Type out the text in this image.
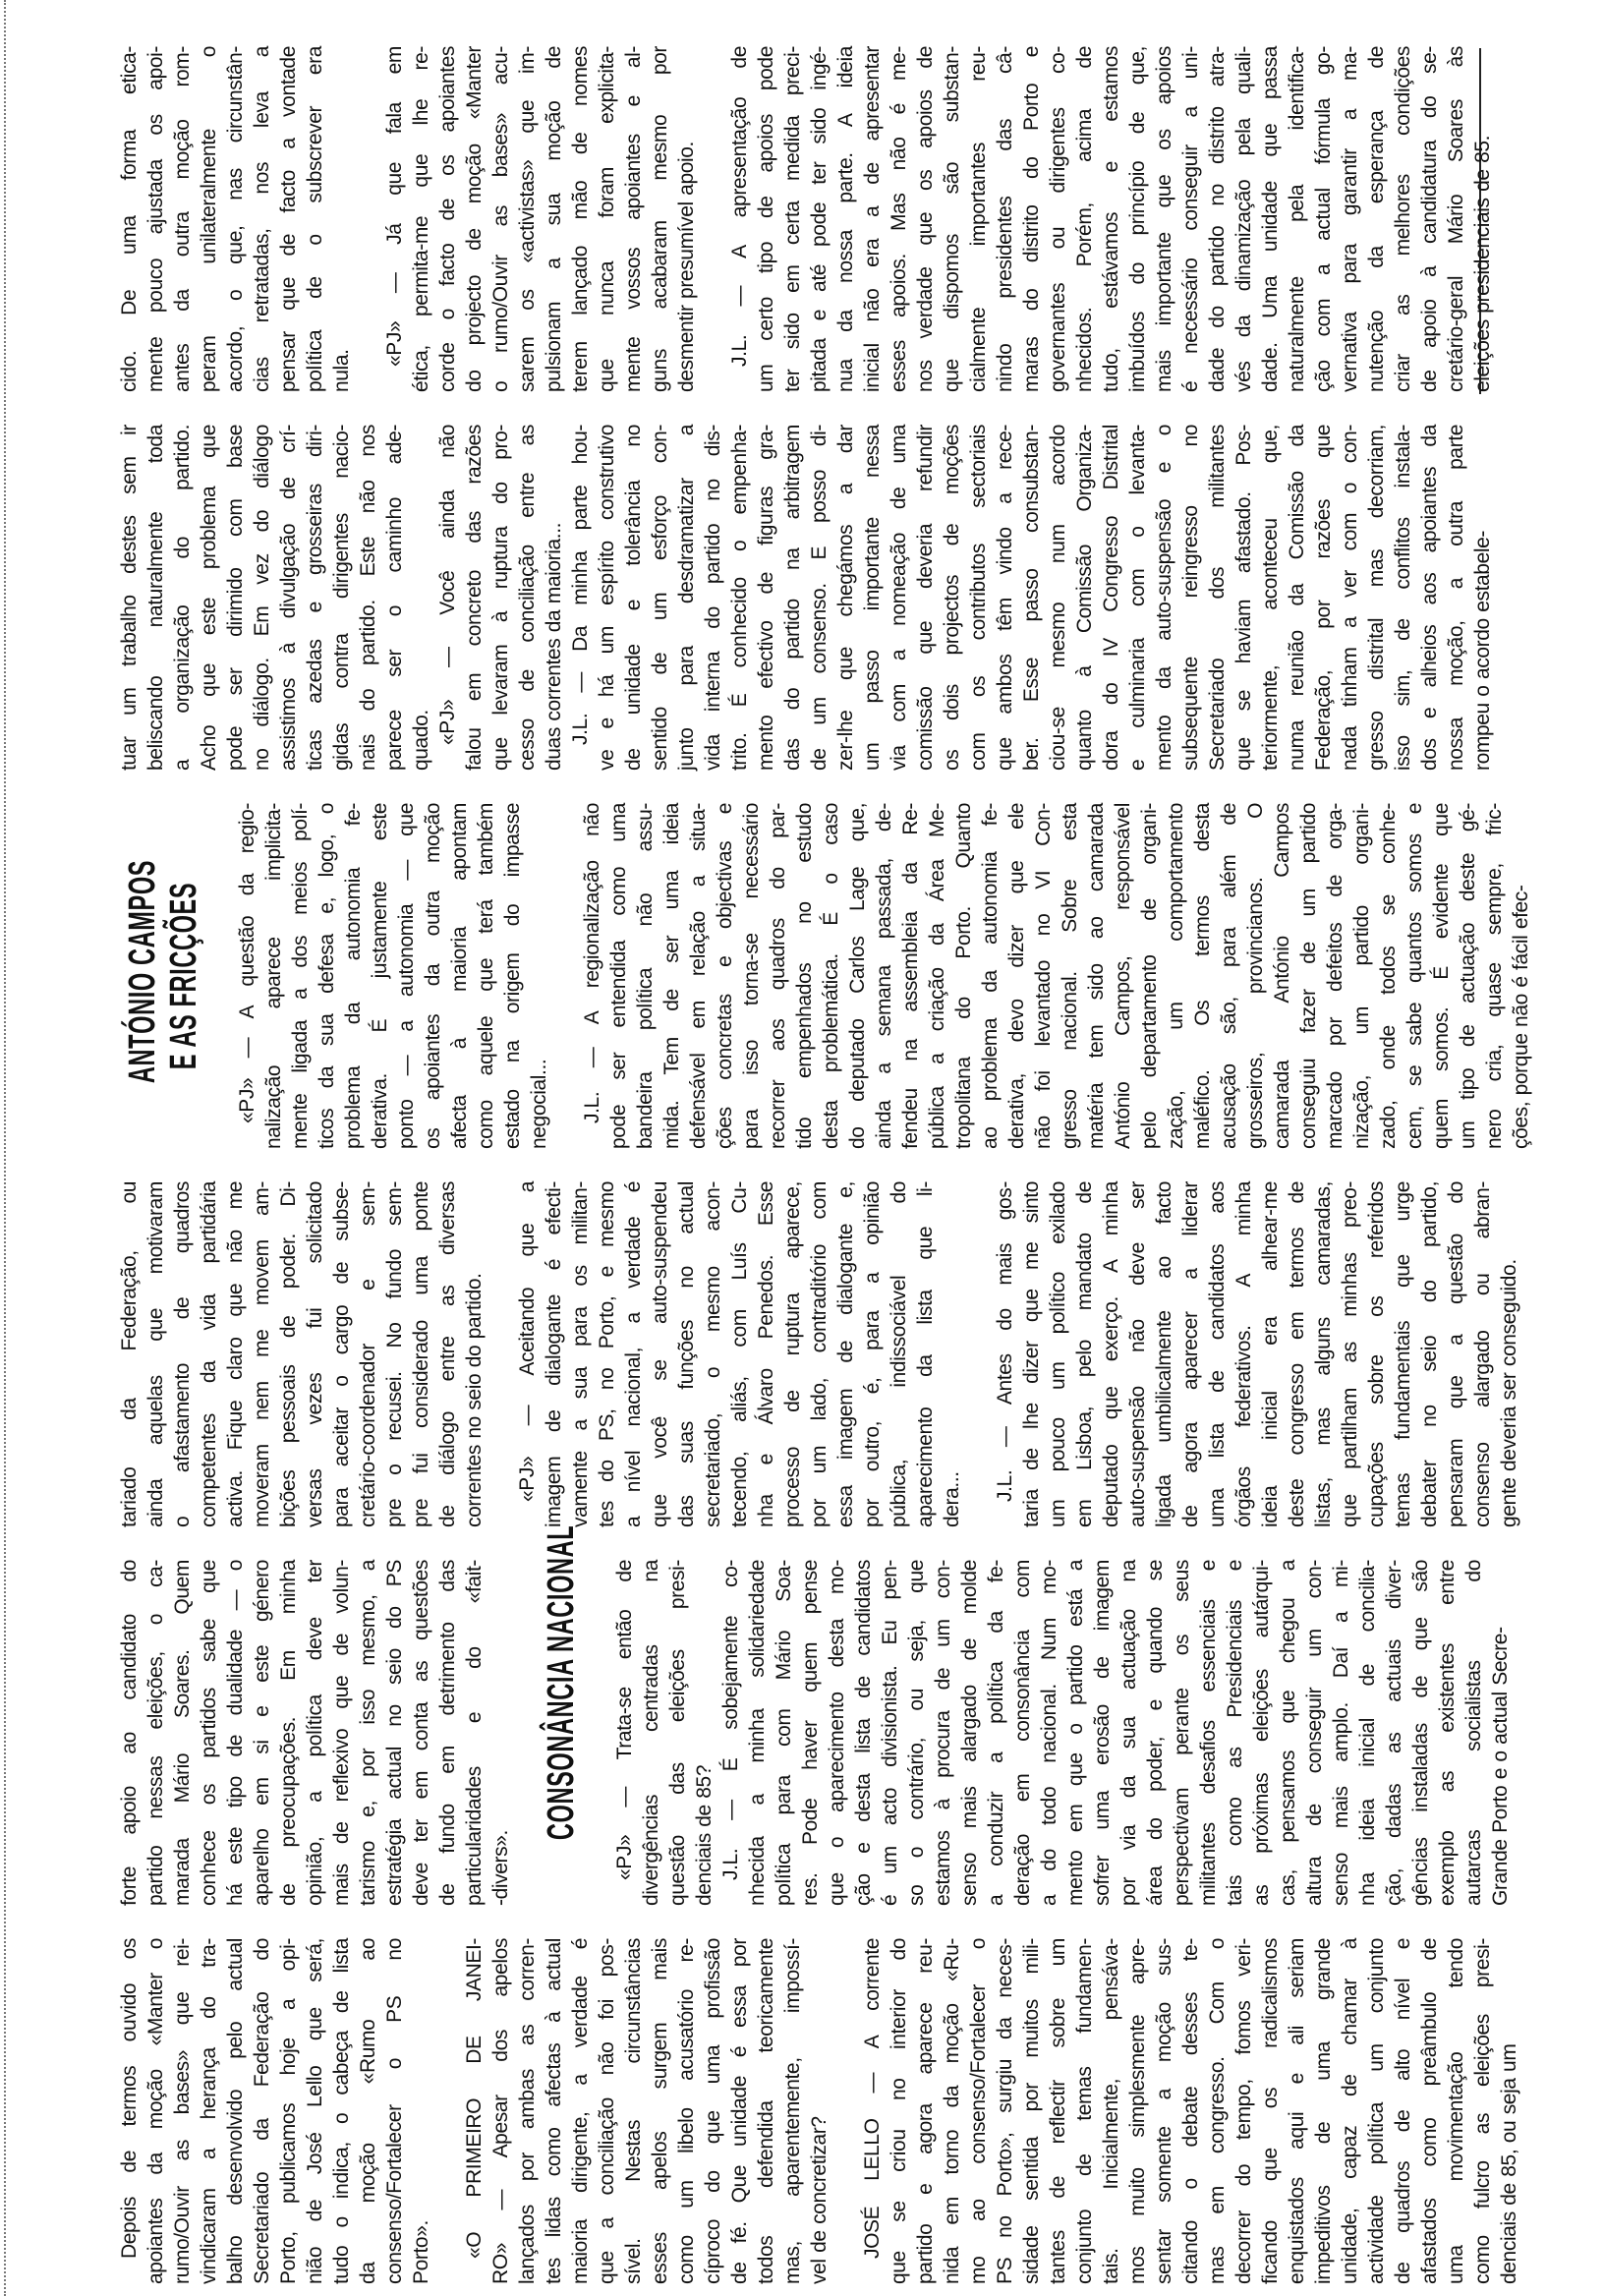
Depois de termos ouvido os apoiantes da moção «Manter o rumo/Ouvir as bases» que rei- vindicaram a herança do tra- balho desenvolvido pelo actual Secretariado da Federação do Porto, publicamos hoje a opi- nião de José Lello que será, tudo o indica, o cabeça de lista da moção «Rumo ao consenso/Fortalecer o PS no Porto». «O PRIMEIRO DE JANEI- RO» — Apesar dos apelos lançados por ambas as corren- tes lidas como afectas à actual maioria dirigente, a verdade é que a conciliação não foi pos- sível. Nestas circunstâncias esses apelos surgem mais como um libelo acusatório re- cíproco do que uma profissão de fé. Que unidade é essa por todos defendida teoricamente mas, aparentemente, impossí- vel de concretizar? JOSÉ LELLO — A corrente que se criou no interior do partido e agora aparece reu- nida em torno da moção «Ru- mo ao consenso/Fortalecer o PS no Porto», surgiu da neces- sidade sentida por muitos mili- tantes de reflectir sobre um conjunto de temas fundamen- tais. Inicialmente, pensáva- mos muito simplesmente apre- sentar somente a moção sus- citando o debate desses te- mas em congresso. Com o decorrer do tempo, fomos veri- ficando que os radicalismos enquistados aqui e ali seriam impeditivos de uma grande unidade, capaz de chamar à actividade política um conjunto de quadros de alto nível e afastados como preâmbulo de uma movimentação tendo como fulcro as eleições presi- denciais de 85, ou seja um
forte apoio ao candidato do partido nessas eleições, o ca- marada Mário Soares. Quem conhece os partidos sabe que há este tipo de dualidade — o aparelho em si e este género de preocupações. Em minha opinião, a política deve ter mais de reflexivo que de volun- tarismo e, por isso mesmo, a estratégia actual no seio do PS deve ter em conta as questões de fundo em detrimento das particularidades e do «fait- -divers».
CONSONÂNCIA NACIONAL «PJ» — Trata-se então de divergências centradas na questão das eleições presi- denciais de 85? J.L. — É sobejamente co- nhecida a minha solidariedade política para com Mário Soa- res. Pode haver quem pense que o aparecimento desta mo- ção e desta lista de candidatos é um acto divisionista. Eu pen- so o contrário, ou seja, que estamos à procura de um con- senso mais alargado de molde a conduzir a política da fe- deração em consonância com a do todo nacional. Num mo- mento em que o partido está a sofrer uma erosão de imagem por via da sua actuação na área do poder, e quando se perspectivam perante os seus militantes desafios essenciais e tais como as Presidenciais e as próximas eleições autárqui- cas, pensamos que chegou a altura de conseguir um con- senso mais amplo. Daí a mi- nha ideia inicial de concilia- ção, dadas as actuais diver- gências instaladas de que são exemplo as existentes entre autarcas socialistas do Grande Porto e o actual Secre-
tariado da Federação, ou ainda aquelas que motivaram o afastamento de quadros competentes da vida partidária activa. Fique claro que não me moveram nem me movem am- bições pessoais de poder. Di- versas vezes fui solicitado para aceitar o cargo de subse- cretário-coordenador e sem- pre o recusei. No fundo sem- pre fui considerado uma ponte de diálogo entre as diversas correntes no seio do partido. «PJ» — Aceitando que a imagem de dialogante é efecti- vamente a sua para os militan- tes do PS, no Porto, e mesmo a nível nacional, a verdade é que você se auto-suspendeu das suas funções no actual secretariado, o mesmo acon- tecendo, aliás, com Luís Cu- nha e Álvaro Penedos. Esse processo de ruptura aparece, por um lado, contraditório com essa imagem de dialogante e, por outro, é, para a opinião pública, indissociável do aparecimento da lista que li- dera... J.L. — Antes do mais gos- taria de lhe dizer que me sinto um pouco um político exilado em Lisboa, pelo mandato de deputado que exerço. A minha auto-suspensão não deve ser ligada umbilicalmente ao facto de agora aparecer a liderar uma lista de candidatos aos órgãos federativos. A minha ideia inicial era alhear-me deste congresso em termos de listas, mas alguns camaradas, que partilham as minhas preo- cupações sobre os referidos temas fundamentais que urge debater no seio do partido, pensaram que a questão do consenso alargado ou abran- gente deveria ser conseguido.
ANTÓNIO CAMPOS E AS FRICÇÕES «PJ» — A questão da regio- nalização aparece implicita- mente ligada a dos meios polí- ticos da sua defesa e, logo, o problema da autonomia fe- derativa. É justamente este ponto — a autonomia — que os apoiantes da outra moção afecta à maioria apontam como aquele que terá também estado na origem do impasse negocial... J.L. — A regionalização não pode ser entendida como uma bandeira política não assu- mida. Tem de ser uma ideia defensável em relação a situa- ções concretas e objectivas e para isso torna-se necessário recorrer aos quadros do par- tido empenhados no estudo desta problemática. É o caso do deputado Carlos Lage que, ainda a semana passada, de- fendeu na assembleia da Re- pública a criação da Área Me- tropolitana do Porto. Quanto ao problema da autonomia fe- derativa, devo dizer que ele não foi levantado no VI Con- gresso nacional. Sobre esta matéria tem sido ao camarada António Campos, responsável pelo departamento de organi- zação, um comportamento maléfico. Os termos desta acusação são, para além de grosseiros, provincianos. O camarada António Campos conseguiu fazer de um partido marcado por defeitos de orga- nização, um partido organi- zado, onde todos se conhe- cem, se sabe quantos somos e quem somos. É evidente que um tipo de actuação deste gé- nero cria, quase sempre, fric- ções, porque não é fácil efec-
tuar um trabalho destes sem ir beliscando naturalmente toda a organização do partido. Acho que este problema que pode ser dirimido com base no diálogo. Em vez do diálogo assistimos à divulgação de crí- ticas azedas e grosseiras diri- gidas contra dirigentes nacio- nais do partido. Este não nos parece ser o caminho ade- quado. «PJ» — Você ainda não falou em concreto das razões que levaram à ruptura do pro- cesso de conciliação entre as duas correntes da maioria... J.L. — Da minha parte hou- ve e há um espírito construtivo de unidade e tolerância no sentido de um esforço con- junto para desdramatizar a vida interna do partido no dis- trito. É conhecido o empenha- mento efectivo de figuras gra- das do partido na arbitragem de um consenso. E posso di- zer-lhe que chegámos a dar um passo importante nessa via com a nomeação de uma comissão que deveria refundir os dois projectos de moções com os contributos sectoriais que ambos têm vindo a rece- ber. Esse passo consubstan- ciou-se mesmo num acordo quanto à Comissão Organiza- dora do IV Congresso Distrital e culminaria com o levanta- mento da auto-suspensão e o subsequente reingresso no Secretariado dos militantes que se haviam afastado. Pos- teriormente, aconteceu que, numa reunião da Comissão da Federação, por razões que nada tinham a ver com o con- gresso distrital mas decorriam, isso sim, de conflitos instala- dos e alheios aos apoiantes da nossa moção, a outra parte rompeu o acordo estabele-
cido. De uma forma etica- mente pouco ajustada os apoi- antes da outra moção rom- peram unilateralmente o acordo, o que, nas circunstân- cias retratadas, nos leva a pensar que de facto a vontade política de o subscrever era nula.
«PJ» — Já que fala em ética, permita-me que lhe re- corde o facto de os apoiantes do projecto de moção «Manter o rumo/Ouvir as bases» acu- sarem os «activistas» que im- pulsionam a sua moção de terem lançado mão de nomes que nunca foram explicita- mente vossos apoiantes e al- guns acabaram mesmo por desmentir presumível apoio. J.L. — A apresentação de um certo tipo de apoios pode ter sido em certa medida preci- pitada e até pode ter sido ingé- nua da nossa parte. A ideia inicial não era a de apresentar esses apoios. Mas não é me- nos verdade que os apoios de que dispomos são substan- cialmente importantes reu- nindo presidentes das câ- maras do distrito do Porto e governantes ou dirigentes co- nhecidos. Porém, acima de tudo, estávamos e estamos imbuídos do princípio de que, mais importante que os apoios é necessário conseguir a uni- dade do partido no distrito atra- vés da dinamização pela quali- dade. Uma unidade que passa naturalmente pela identifica- ção com a actual fórmula go- vernativa para garantir a ma- nutenção da esperança de criar as melhores condições de apoio à candidatura do se- cretário-geral Mário Soares às eleições presidenciais de 85.
